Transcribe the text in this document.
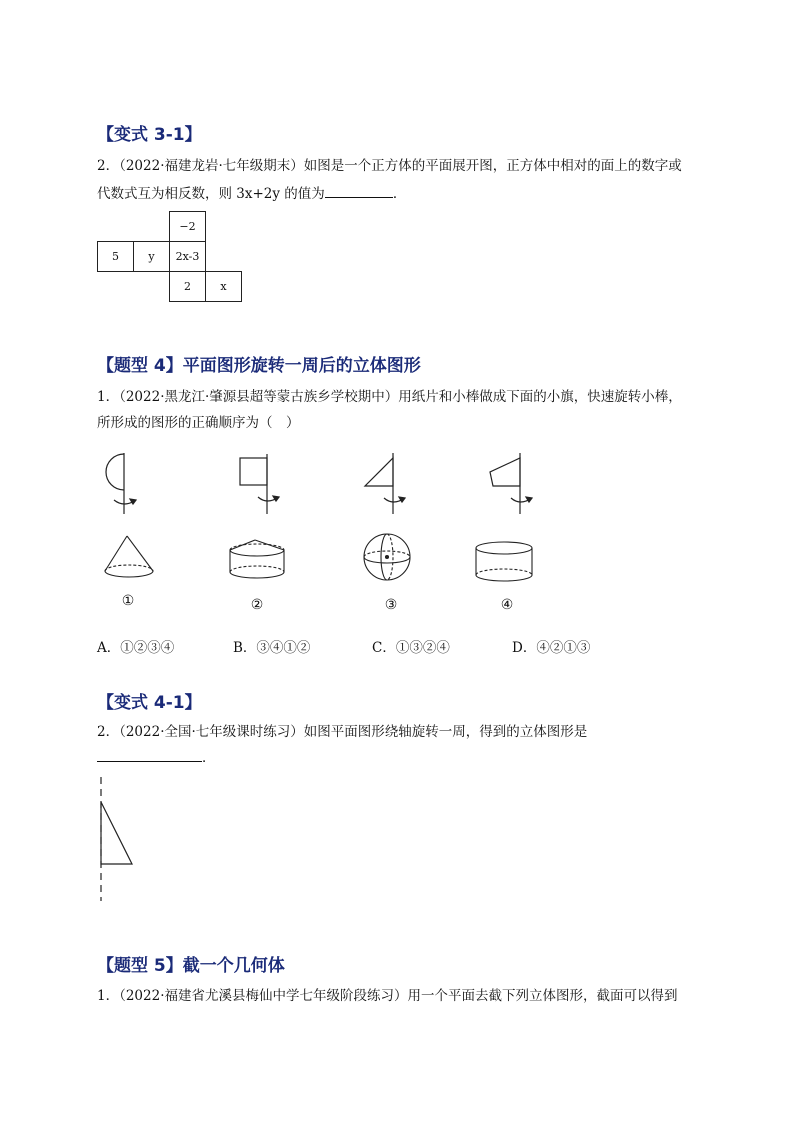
【变式 3-1】
2．（2022·福建龙岩·七年级期末）如图是一个正方体的平面展开图，正方体中相对的面上的数字或
代数式互为相反数，则 3x+2y 的值为	．
		−2	
5	y	2x-3	
		2	x
【题型 4】平面图形旋转一周后的立体图形
1．（2022·黑龙江·肇源县超等蒙古族乡学校期中）用纸片和小棒做成下面的小旗，快速旋转小棒，
所形成的图形的正确顺序为（　）
①	②	③	④
A．①②③④	B．③④①②	C．①③②④	D．④②①③
【变式 4-1】
2．（2022·全国·七年级课时练习）如图平面图形绕轴旋转一周，得到的立体图形是
．
【题型 5】截一个几何体
1．（2022·福建省尤溪县梅仙中学七年级阶段练习）用一个平面去截下列立体图形，截面可以得到
